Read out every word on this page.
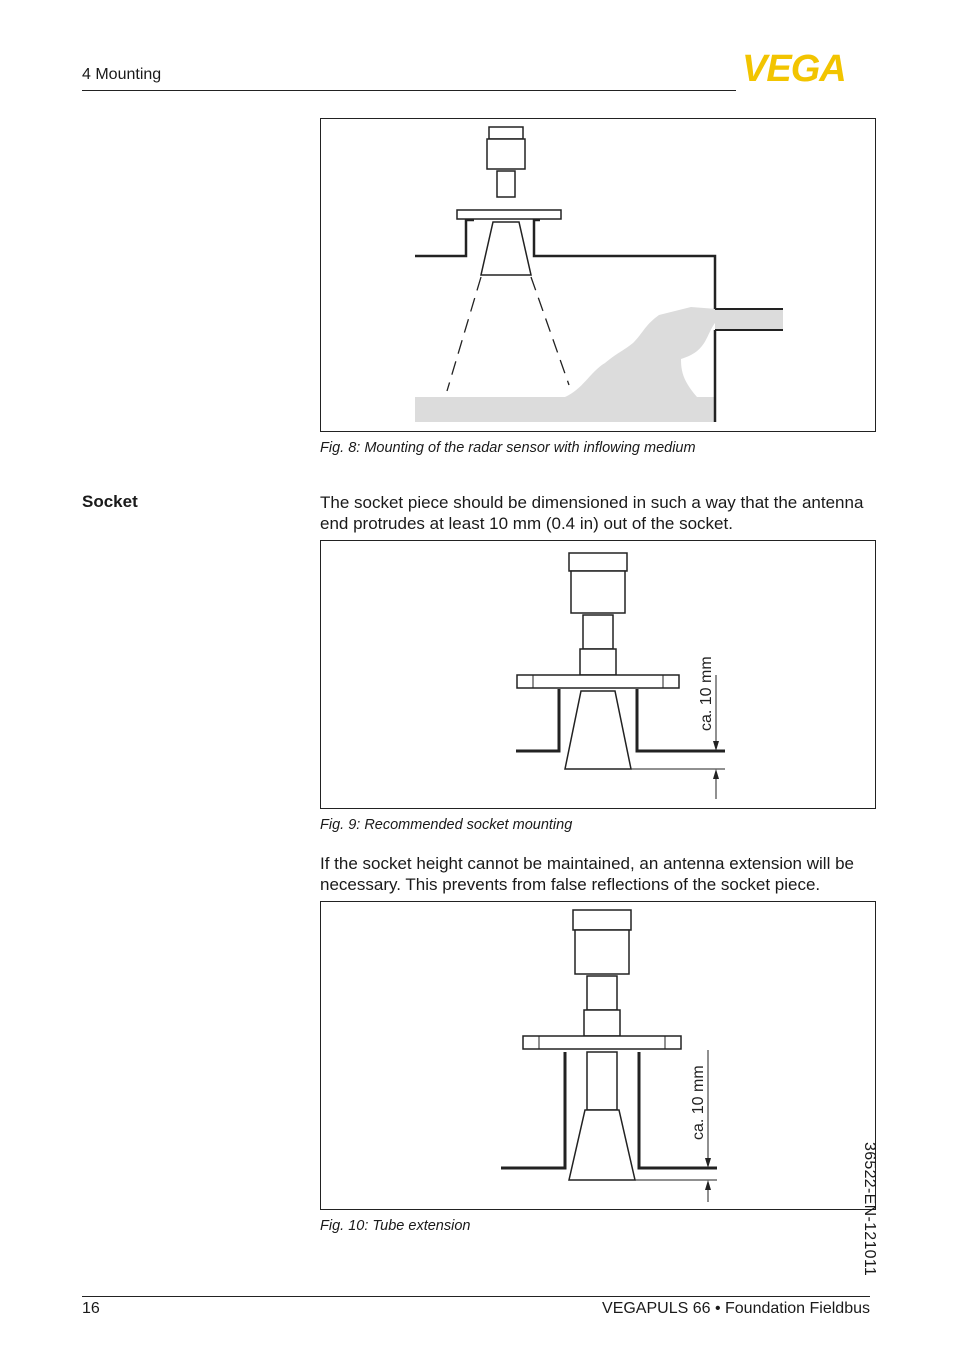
4 Mounting	VEGA
Fig. 8: Mounting of the radar sensor with inflowing medium
Socket	The socket piece should be dimensioned in such a way that the antenna end protrudes at least 10 mm (0.4 in) out of the socket.
ca. 10 mm
Fig. 9: Recommended socket mounting
If the socket height cannot be maintained, an antenna extension will be necessary. This prevents from false reflections of the socket piece.
ca. 10 mm
Fig. 10: Tube extension	36522-EN-121011
16	VEGAPULS 66 • Foundation Fieldbus
